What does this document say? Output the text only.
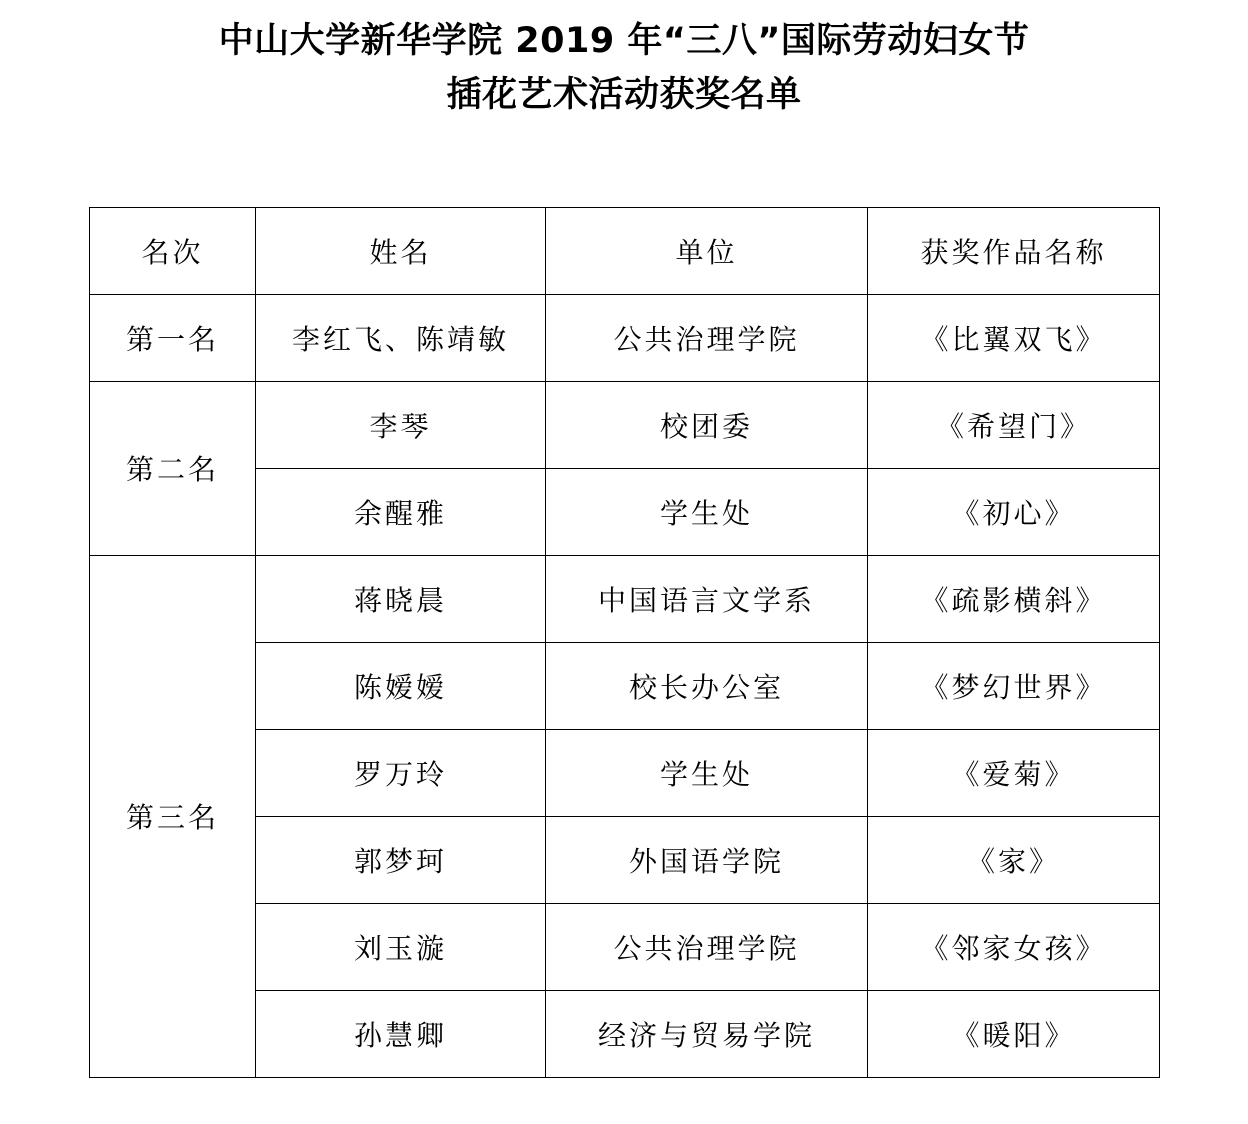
中山大学新华学院 2019 年“三八”国际劳动妇女节
插花艺术活动获奖名单
名次	姓名	单位	获奖作品名称
第一名	李红飞、陈靖敏	公共治理学院	《比翼双飞》
第二名	李琴	校团委	《希望门》
	余醒雅	学生处	《初心》
第三名	蒋晓晨	中国语言文学系	《疏影横斜》
	陈嫒嫒	校长办公室	《梦幻世界》
	罗万玲	学生处	《爱菊》
	郭梦珂	外国语学院	《家》
	刘玉漩	公共治理学院	《邻家女孩》
	孙慧卿	经济与贸易学院	《暖阳》
